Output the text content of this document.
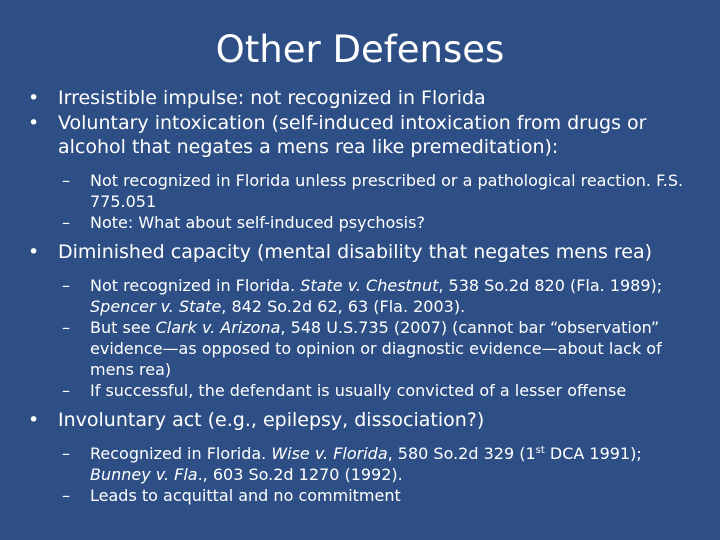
Other Defenses
• Irresistible impulse: not recognized in Florida
• Voluntary intoxication (self-induced intoxication from drugs or alcohol that negates a mens rea like premeditation):
– Not recognized in Florida unless prescribed or a pathological reaction. F.S. 775.051
– Note: What about self-induced psychosis?
• Diminished capacity (mental disability that negates mens rea)
– Not recognized in Florida. State v. Chestnut, 538 So.2d 820 (Fla. 1989); Spencer v. State, 842 So.2d 62, 63 (Fla. 2003).
– But see Clark v. Arizona, 548 U.S.735 (2007) (cannot bar “observation” evidence—as opposed to opinion or diagnostic evidence—about lack of mens rea)
– If successful, the defendant is usually convicted of a lesser offense
• Involuntary act (e.g., epilepsy, dissociation?)
– Recognized in Florida. Wise v. Florida, 580 So.2d 329 (1st DCA 1991); Bunney v. Fla., 603 So.2d 1270 (1992).
– Leads to acquittal and no commitment
